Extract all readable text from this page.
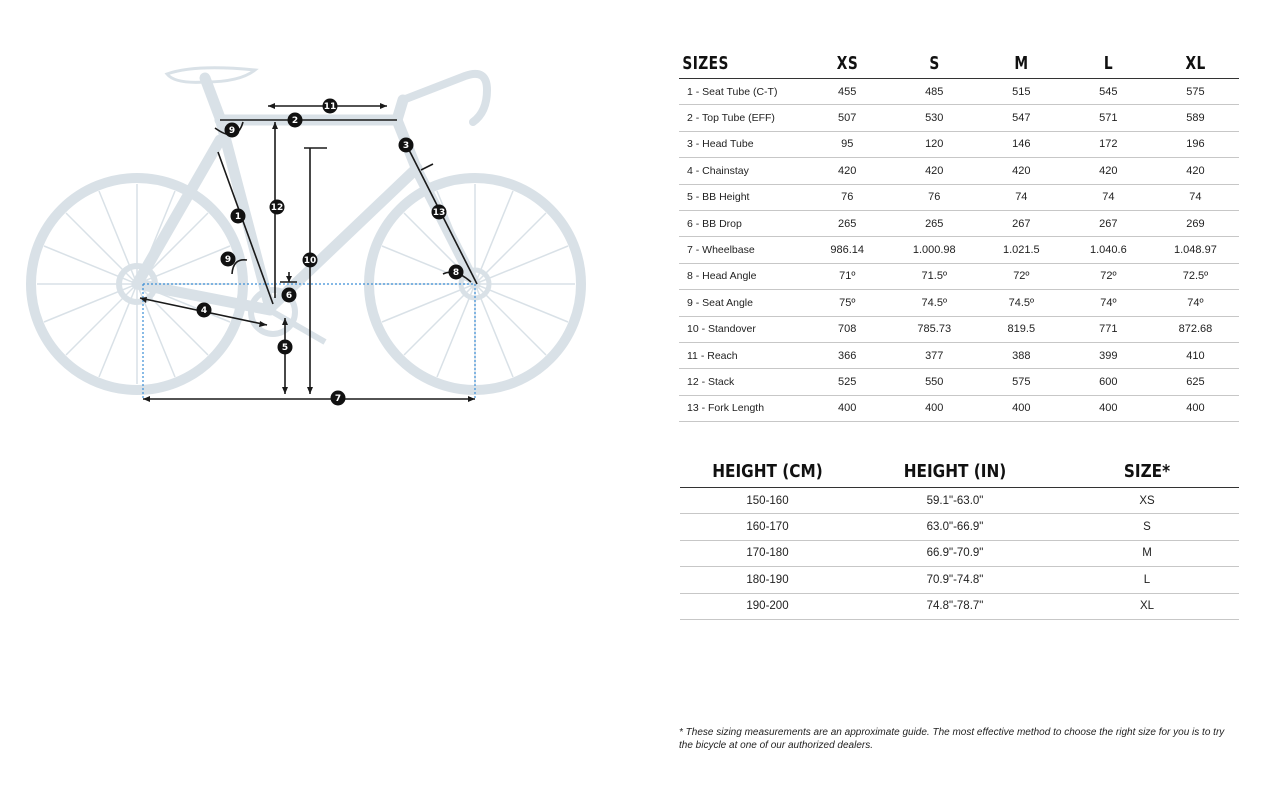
1
2
3
4
5
6
7
8
9
9	10
11
12	13
SIZES	XS	S	M	L	XL
1 - Seat Tube (C-T)	455	485	515	545	575
2 - Top Tube (EFF)	507	530	547	571	589
3 - Head Tube	95	120	146	172	196
4 - Chainstay	420	420	420	420	420
5 - BB Height	76	76	74	74	74
6 - BB Drop	265	265	267	267	269
7 - Wheelbase	986.14	1.000.98	1.021.5	1.040.6	1.048.97
8 - Head Angle	71º	71.5º	72º	72º	72.5º
9 - Seat Angle	75º	74.5º	74.5º	74º	74º
10 - Standover	708	785.73	819.5	771	872.68
11 - Reach	366	377	388	399	410
12 - Stack	525	550	575	600	625
13 - Fork Length	400	400	400	400	400
HEIGHT (CM)	HEIGHT (IN)	SIZE*
150-160	59.1"-63.0"	XS
160-170	63.0"-66.9"	S
170-180	66.9"-70.9"	M
180-190	70.9"-74.8"	L
190-200	74.8"-78.7"	XL

* These sizing measurements are an approximate guide. The most effective method to choose the right size for you is to try the bicycle at one of our authorized dealers.
